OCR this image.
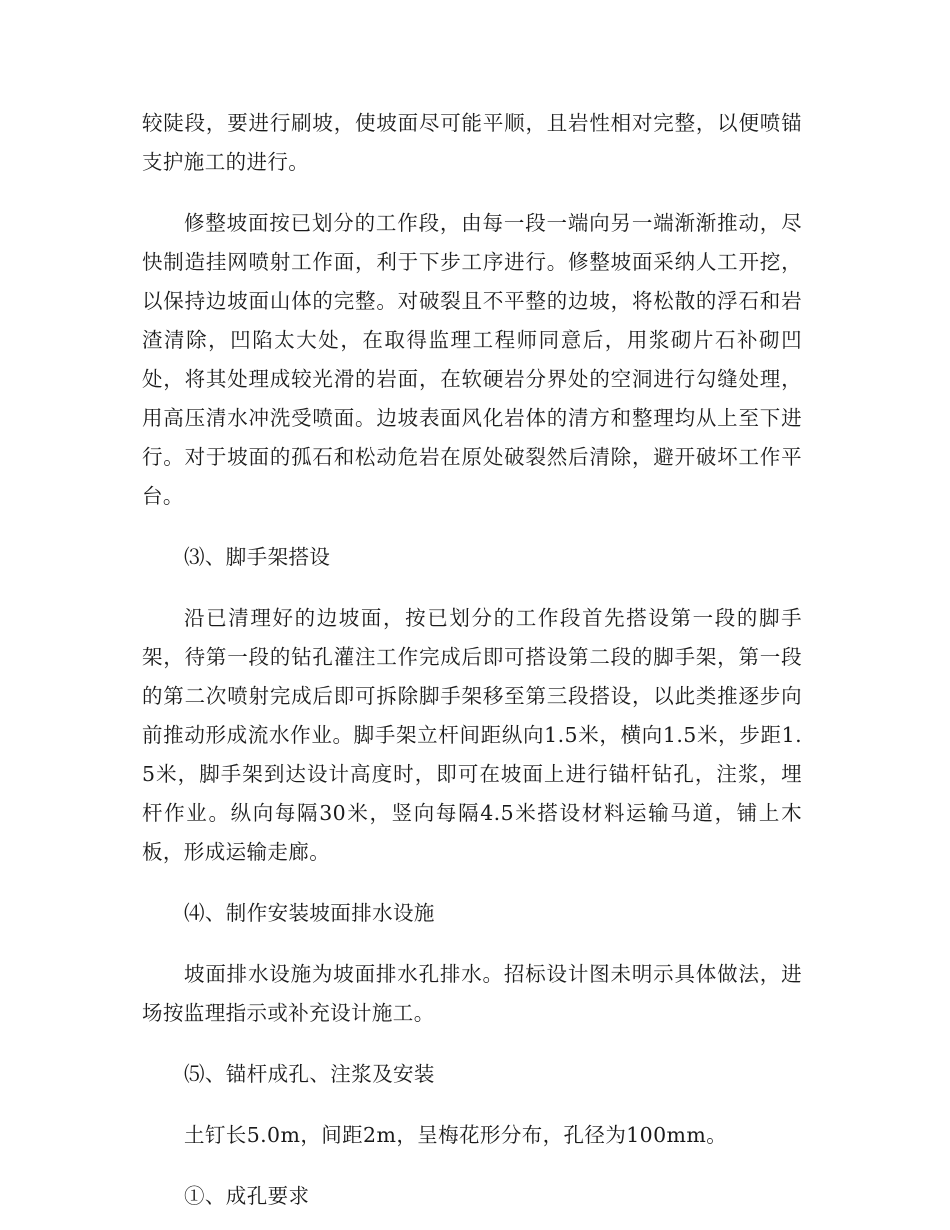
较陡段，要进行刷坡，使坡面尽可能平顺，且岩性相对完整，以便喷锚支护施工的进行。

修整坡面按已划分的工作段，由每一段一端向另一端渐渐推动，尽快制造挂网喷射工作面，利于下步工序进行。修整坡面采纳人工开挖，以保持边坡面山体的完整。对破裂且不平整的边坡，将松散的浮石和岩渣清除，凹陷太大处，在取得监理工程师同意后，用浆砌片石补砌凹处，将其处理成较光滑的岩面，在软硬岩分界处的空洞进行勾缝处理，用高压清水冲洗受喷面。边坡表面风化岩体的清方和整理均从上至下进行。对于坡面的孤石和松动危岩在原处破裂然后清除，避开破坏工作平台。

⑶、脚手架搭设

沿已清理好的边坡面，按已划分的工作段首先搭设第一段的脚手架，待第一段的钻孔灌注工作完成后即可搭设第二段的脚手架，第一段的第二次喷射完成后即可拆除脚手架移至第三段搭设，以此类推逐步向前推动形成流水作业。脚手架立杆间距纵向1.5米，横向1.5米，步距1.5米，脚手架到达设计高度时，即可在坡面上进行锚杆钻孔，注浆，埋杆作业。纵向每隔30米，竖向每隔4.5米搭设材料运输马道，铺上木板，形成运输走廊。

⑷、制作安装坡面排水设施

坡面排水设施为坡面排水孔排水。招标设计图未明示具体做法，进场按监理指示或补充设计施工。

⑸、锚杆成孔、注浆及安装

土钉长5.0m，间距2m，呈梅花形分布，孔径为100mm。

①、成孔要求
